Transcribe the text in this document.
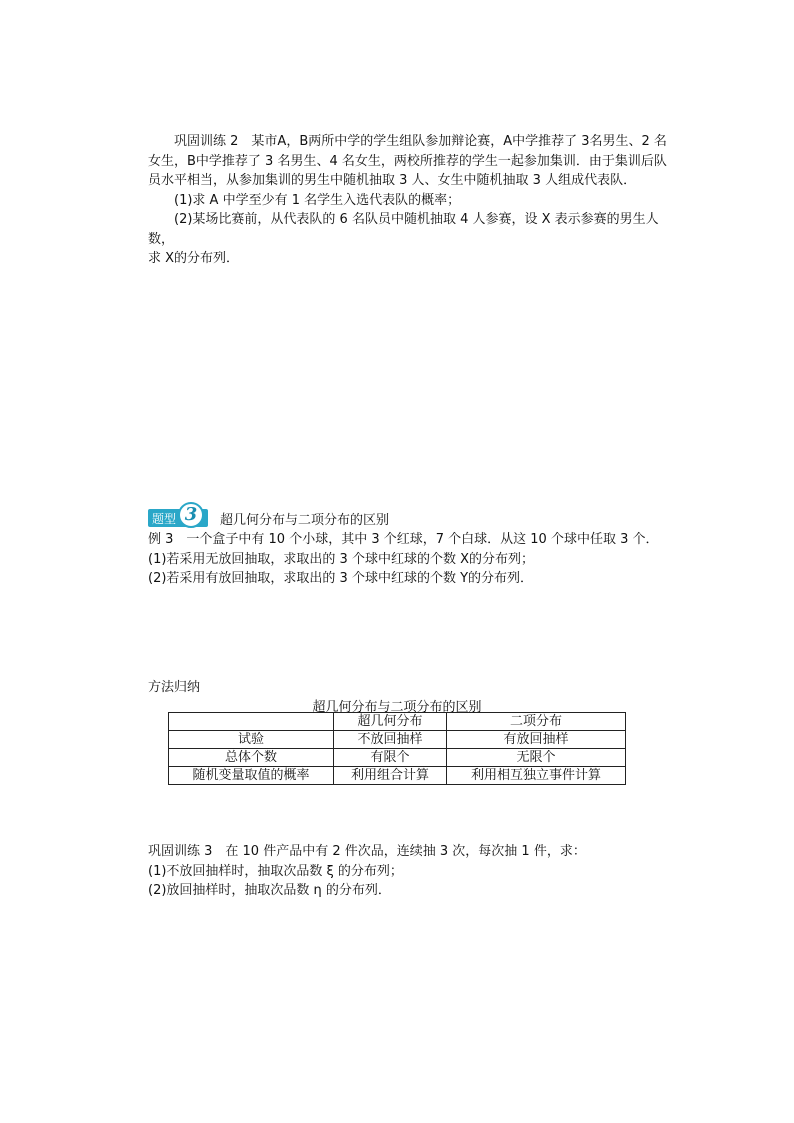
巩固训练 2　 某市A，B两所中学的学生组队参加辩论赛，A中学推荐了 3名男生、2 名

女生，B中学推荐了 3 名男生、4 名女生，两校所推荐的学生一起参加集训．由于集训后队

员水平相当，从参加集训的男生中随机抽取 3 人、女生中随机抽取 3 人组成代表队．

(1)求 A 中学至少有 1 名学生入选代表队的概率；

(2)某场比赛前，从代表队的 6 名队员中随机抽取 4 人参赛，设 X 表示参赛的男生人数，

求 X的分布列．

题型 3	超几何分布与二项分布的区别

例 3　一个盒子中有 10 个小球，其中 3 个红球，7 个白球．从这 10 个球中任取 3 个．

(1)若采用无放回抽取，求取出的 3 个球中红球的个数 X的分布列；

(2)若采用有放回抽取，求取出的 3 个球中红球的个数 Y的分布列．

方法归纳
超几何分布与二项分布的区别
	超几何分布	二项分布
试验	不放回抽样	有放回抽样
总体个数	有限个	无限个
随机变量取值的概率	利用组合计算	利用相互独立事件计算

巩固训练 3　在 10 件产品中有 2 件次品，连续抽 3 次，每次抽 1 件，求：

(1)不放回抽样时，抽取次品数 ξ 的分布列；

(2)放回抽样时，抽取次品数 η 的分布列．
